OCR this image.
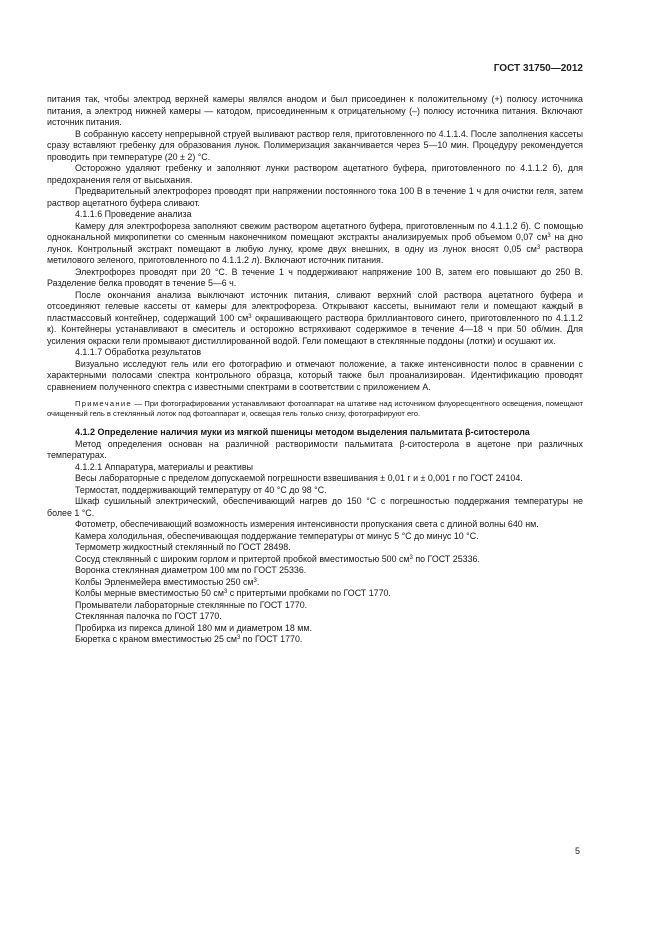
ГОСТ 31750—2012

питания так, чтобы электрод верхней камеры являлся анодом и был присоединен к положительному (+) полюсу источника питания, а электрод нижней камеры — катодом, присоединенным к отрицательному (–) полюсу источника питания. Включают источник питания.

В собранную кассету непрерывной струей выливают раствор геля, приготовленного по 4.1.1.4. После заполнения кассеты сразу вставляют гребенку для образования лунок. Полимеризация заканчивается через 5—10 мин. Процедуру рекомендуется проводить при температуре (20 ± 2) °С.

Осторожно удаляют гребенку и заполняют лунки раствором ацетатного буфера, приготовленного по 4.1.1.2 б), для предохранения геля от высыхания.

Предварительный электрофорез проводят при напряжении постоянного тока 100 В в течение 1 ч для очистки геля, затем раствор ацетатного буфера сливают.

4.1.1.6 Проведение анализа

Камеру для электрофореза заполняют свежим раствором ацетатного буфера, приготовленным по 4.1.1.2 б). С помощью одноканальной микропипетки со сменным наконечником помещают экстракты анализируемых проб объемом 0,07 $см^3$ на дно лунок. Контрольный экстракт помещают в любую лунку, кроме двух внешних, в одну из лунок вносят 0,05 $см^3$ раствора метилового зеленого, приготовленного по 4.1.1.2 л). Включают источник питания.

Электрофорез проводят при 20 °С. В течение 1 ч поддерживают напряжение 100 В, затем его повышают до 250 В. Разделение белка проводят в течение 5—6 ч.

После окончания анализа выключают источник питания, сливают верхний слой раствора ацетатного буфера и отсоединяют гелевые кассеты от камеры для электрофореза. Открывают кассеты, вынимают гели и помещают каждый в пластмассовый контейнер, содержащий 100 $см^3$ окрашивающего раствора бриллиантового синего, приготовленного по 4.1.1.2 к). Контейнеры устанавливают в смеситель и осторожно встряхивают содержимое в течение 4—18 ч при 50 об/мин. Для усиления окраски гели промывают дистиллированной водой. Гели помещают в стеклянные поддоны (лотки) и осушают их.

4.1.1.7 Обработка результатов

Визуально исследуют гель или его фотографию и отмечают положение, а также интенсивности полос в сравнении с характерными полосами спектра контрольного образца, который также был проанализирован. Идентификацию проводят сравнением полученного спектра с известными спектрами в соответствии с приложением А.

Примечание — При фотографировании устанавливают фотоаппарат на штативе над источником флуоресцентного освещения, помещают очищенный гель в стеклянный лоток под фотоаппарат и, освещая гель только снизу, фотографируют его.

4.1.2 Определение наличия муки из мягкой пшеницы методом выделения пальмитата β-ситостерола

Метод определения основан на различной растворимости пальмитата β-ситостерола в ацетоне при различных температурах.

4.1.2.1 Аппаратура, материалы и реактивы

Весы лабораторные с пределом допускаемой погрешности взвешивания ± 0,01 г и ± 0,001 г по ГОСТ 24104.

Термостат, поддерживающий температуру от 40 °С до 98 °С.

Шкаф сушильный электрический, обеспечивающий нагрев до 150 °С с погрешностью поддержания температуры не более 1 °С.

Фотометр, обеспечивающий возможность измерения интенсивности пропускания света с длиной волны 640 нм.

Камера холодильная, обеспечивающая поддержание температуры от минус 5 °С до минус 10 °С.

Термометр жидкостный стеклянный по ГОСТ 28498.

Сосуд стеклянный с широким горлом и притертой пробкой вместимостью 500 $см^3$ по ГОСТ 25336.

Воронка стеклянная диаметром 100 мм по ГОСТ 25336.

Колбы Эрленмейера вместимостью 250 $см^3$.

Колбы мерные вместимостью 50 $см^3$ с притертыми пробками по ГОСТ 1770.

Промыватели лабораторные стеклянные по ГОСТ 1770.

Стеклянная палочка по ГОСТ 1770.

Пробирка из пирекса длиной 180 мм и диаметром 18 мм.

Бюретка с краном вместимостью 25 $см^3$ по ГОСТ 1770.

5
